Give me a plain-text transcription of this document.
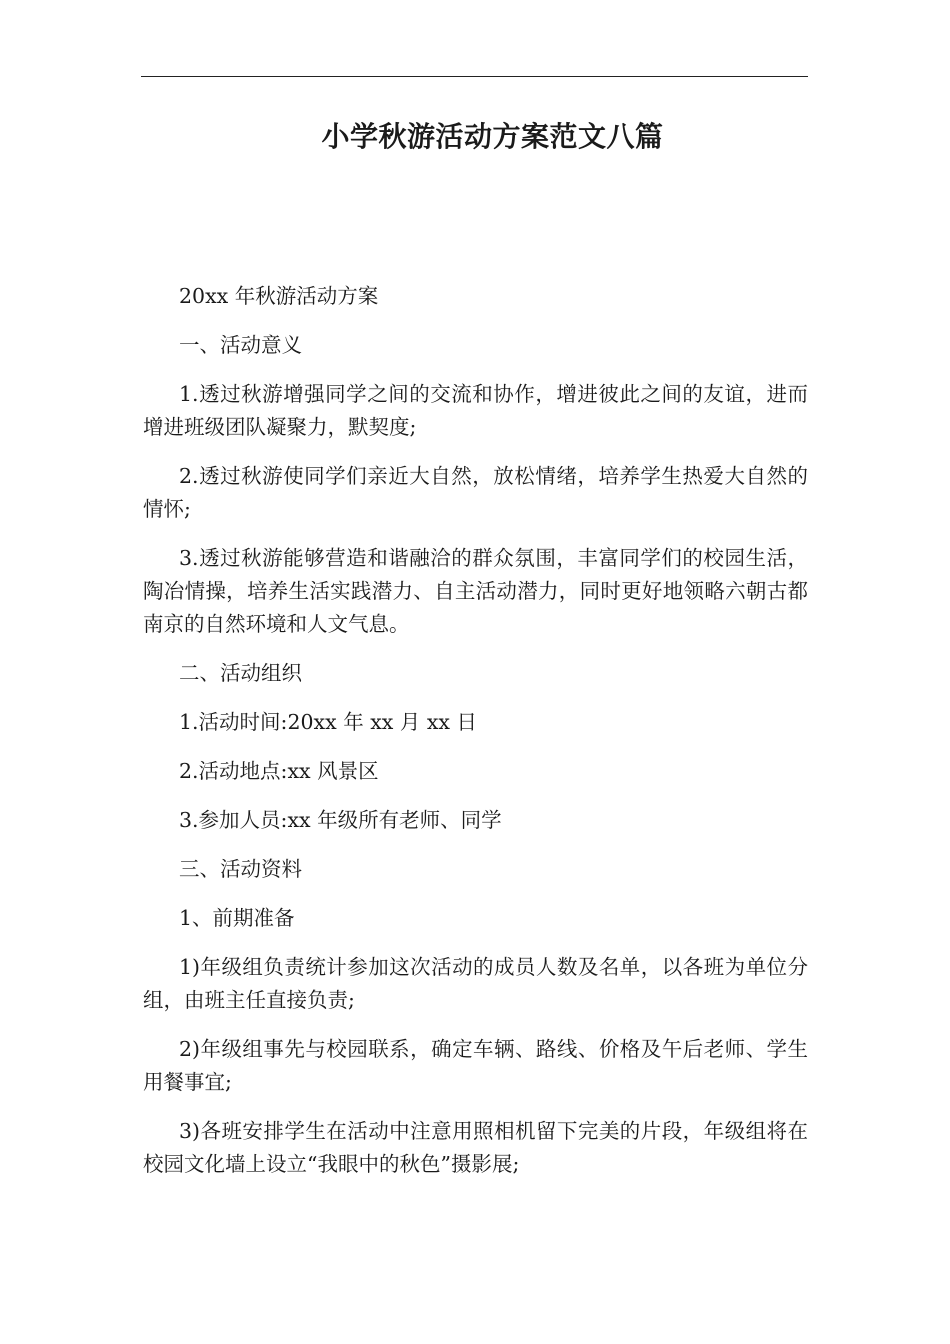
小学秋游活动方案范文八篇

20xx 年秋游活动方案

一、活动意义

1.透过秋游增强同学之间的交流和协作，增进彼此之间的友谊，进而增进班级团队凝聚力，默契度;

2.透过秋游使同学们亲近大自然，放松情绪，培养学生热爱大自然的情怀;

3.透过秋游能够营造和谐融洽的群众氛围，丰富同学们的校园生活，陶冶情操，培养生活实践潜力、自主活动潜力，同时更好地领略六朝古都南京的自然环境和人文气息。

二、活动组织

1.活动时间:20xx 年 xx 月 xx 日

2.活动地点:xx 风景区

3.参加人员:xx 年级所有老师、同学

三、活动资料

1、前期准备

1)年级组负责统计参加这次活动的成员人数及名单，以各班为单位分组，由班主任直接负责;

2)年级组事先与校园联系，确定车辆、路线、价格及午后老师、学生用餐事宜;

3)各班安排学生在活动中注意用照相机留下完美的片段，年级组将在校园文化墙上设立“我眼中的秋色”摄影展;
